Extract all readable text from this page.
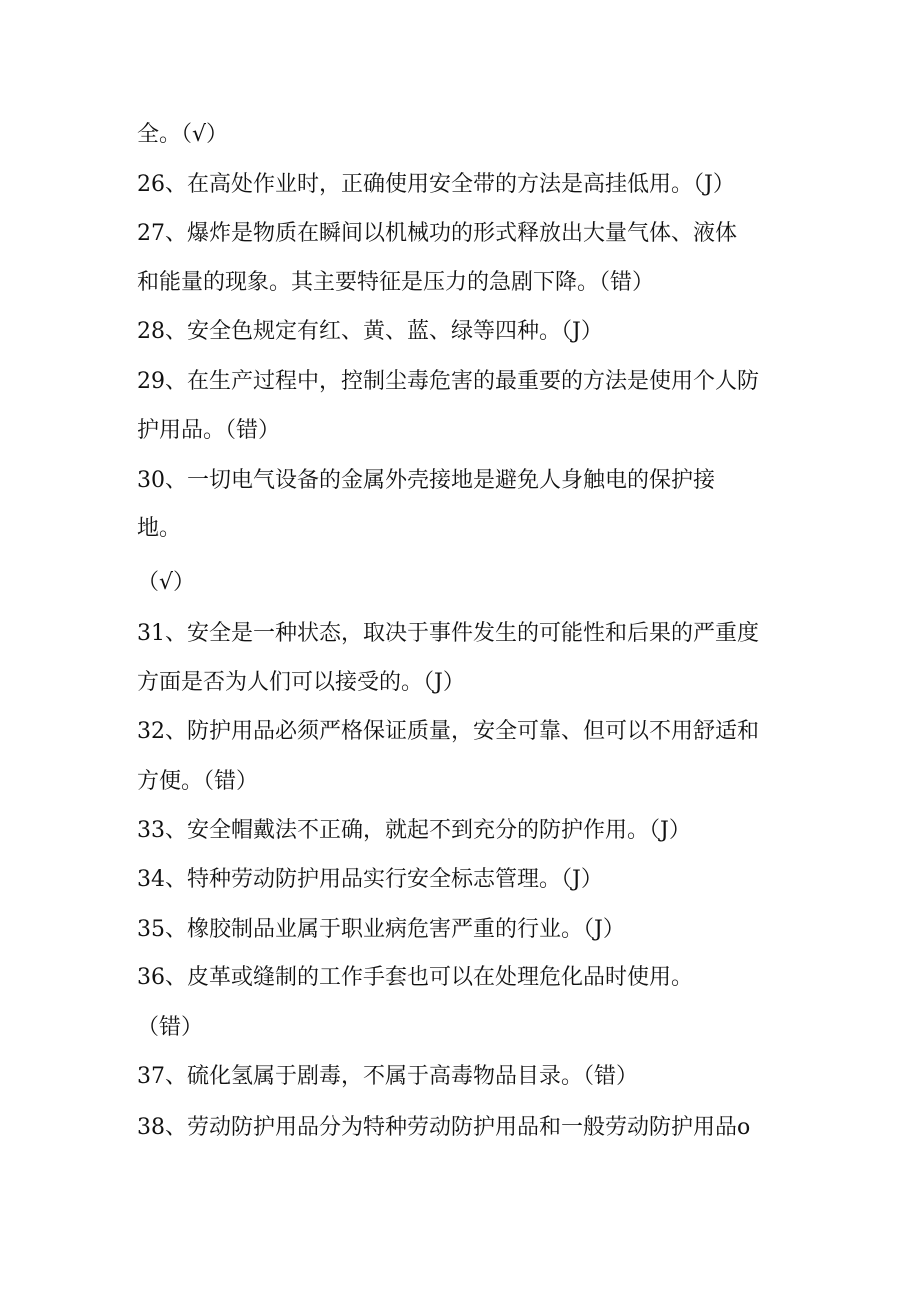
全。（√）
26、在高处作业时，正确使用安全带的方法是高挂低用。（J）
27、爆炸是物质在瞬间以机械功的形式释放出大量气体、液体
和能量的现象。其主要特征是压力的急剧下降。（错）
28、安全色规定有红、黄、蓝、绿等四种。（J）
29、在生产过程中，控制尘毒危害的最重要的方法是使用个人防
护用品。（错）
30、一切电气设备的金属外壳接地是避免人身触电的保护接
地。
（√）
31、安全是一种状态，取决于事件发生的可能性和后果的严重度
方面是否为人们可以接受的。（J）
32、防护用品必须严格保证质量，安全可靠、但可以不用舒适和
方便。（错）
33、安全帽戴法不正确，就起不到充分的防护作用。（J）
34、特种劳动防护用品实行安全标志管理。（J）
35、橡胶制品业属于职业病危害严重的行业。（J）
36、皮革或缝制的工作手套也可以在处理危化品时使用。
（错）
37、硫化氢属于剧毒，不属于高毒物品目录。（错）
38、劳动防护用品分为特种劳动防护用品和一般劳动防护用品o
